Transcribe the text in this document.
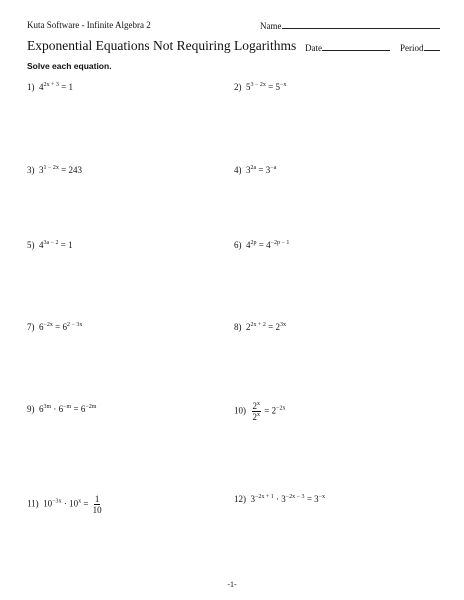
Kuta Software - Infinite Algebra 2	Name
Exponential Equations Not Requiring Logarithms Date	Period
Solve each equation.
1) $4^{2x + 3} = 1$	2) $5^{3 - 2x} = 5^{-x}$
3) $3^{1 - 2x} = 243$	4) $3^{2a} = 3^{-a}$
5) $4^{3a - 2} = 1$	6) $4^{2p} = 4^{-2p - 1}$
7) $6^{-2x} = 6^{2 - 3x}$	8) $2^{2x + 2} = 2^{3x}$
9) $6^{3m} \cdot 6^{-m} = 6^{-2m}$	$10) \frac{2^x}{2^x} = 2^{-2x}$
11) $10^{-3x} \cdot 10^x = \frac{1}{10}$	12) $3^{-2x + 1} \cdot 3^{-2x - 3} = 3^{-x}$
-1-
